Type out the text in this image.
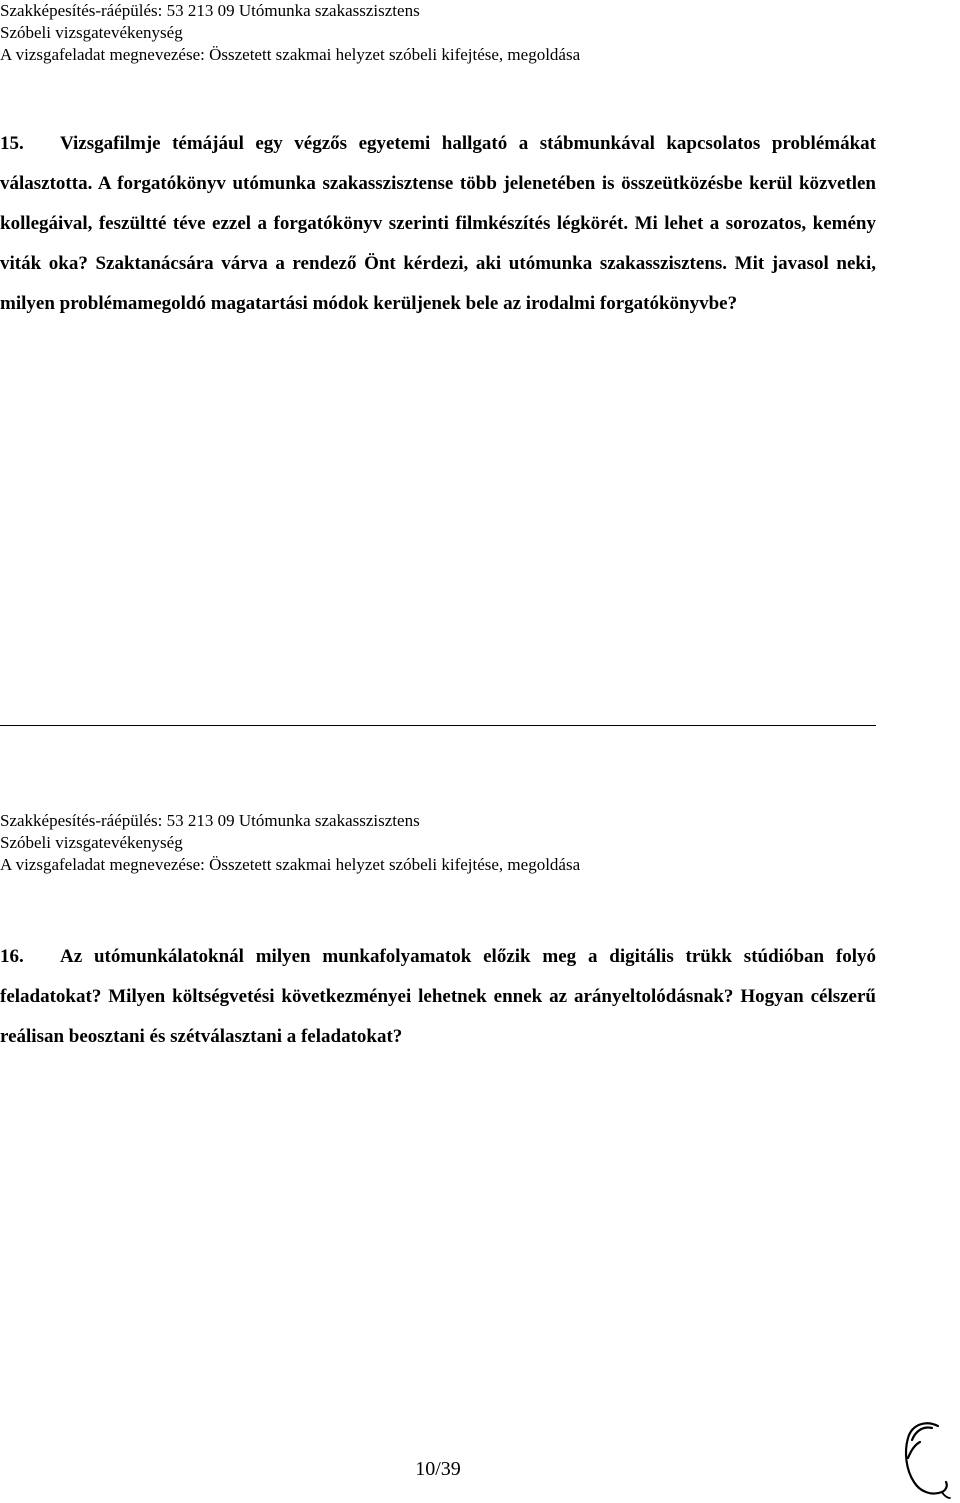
Szakképesítés-ráépülés: 53 213 09 Utómunka szakasszisztens
Szóbeli vizsgatevékenység
A vizsgafeladat megnevezése: Összetett szakmai helyzet szóbeli kifejtése, megoldása
15. Vizsgafilmje témájául egy végzős egyetemi hallgató a stábmunkával kapcsolatos problémákat választotta. A forgatókönyv utómunka szakasszisztense több jelenetében is összeütközésbe kerül közvetlen kollegáival, feszültté téve ezzel a forgatókönyv szerinti filmkészítés légkörét. Mi lehet a sorozatos, kemény viták oka? Szaktanácsára várva a rendező Önt kérdezi, aki utómunka szakasszisztens. Mit javasol neki, milyen problémamegoldó magatartási módok kerüljenek bele az irodalmi forgatókönyvbe?
Szakképesítés-ráépülés: 53 213 09 Utómunka szakasszisztens
Szóbeli vizsgatevékenység
A vizsgafeladat megnevezése: Összetett szakmai helyzet szóbeli kifejtése, megoldása
16. Az utómunkálatoknál milyen munkafolyamatok előzik meg a digitális trükk stúdióban folyó feladatokat? Milyen költségvetési következményei lehetnek ennek az arányeltolódásnak? Hogyan célszerű reálisan beosztani és szétválasztani a feladatokat?
10/39
